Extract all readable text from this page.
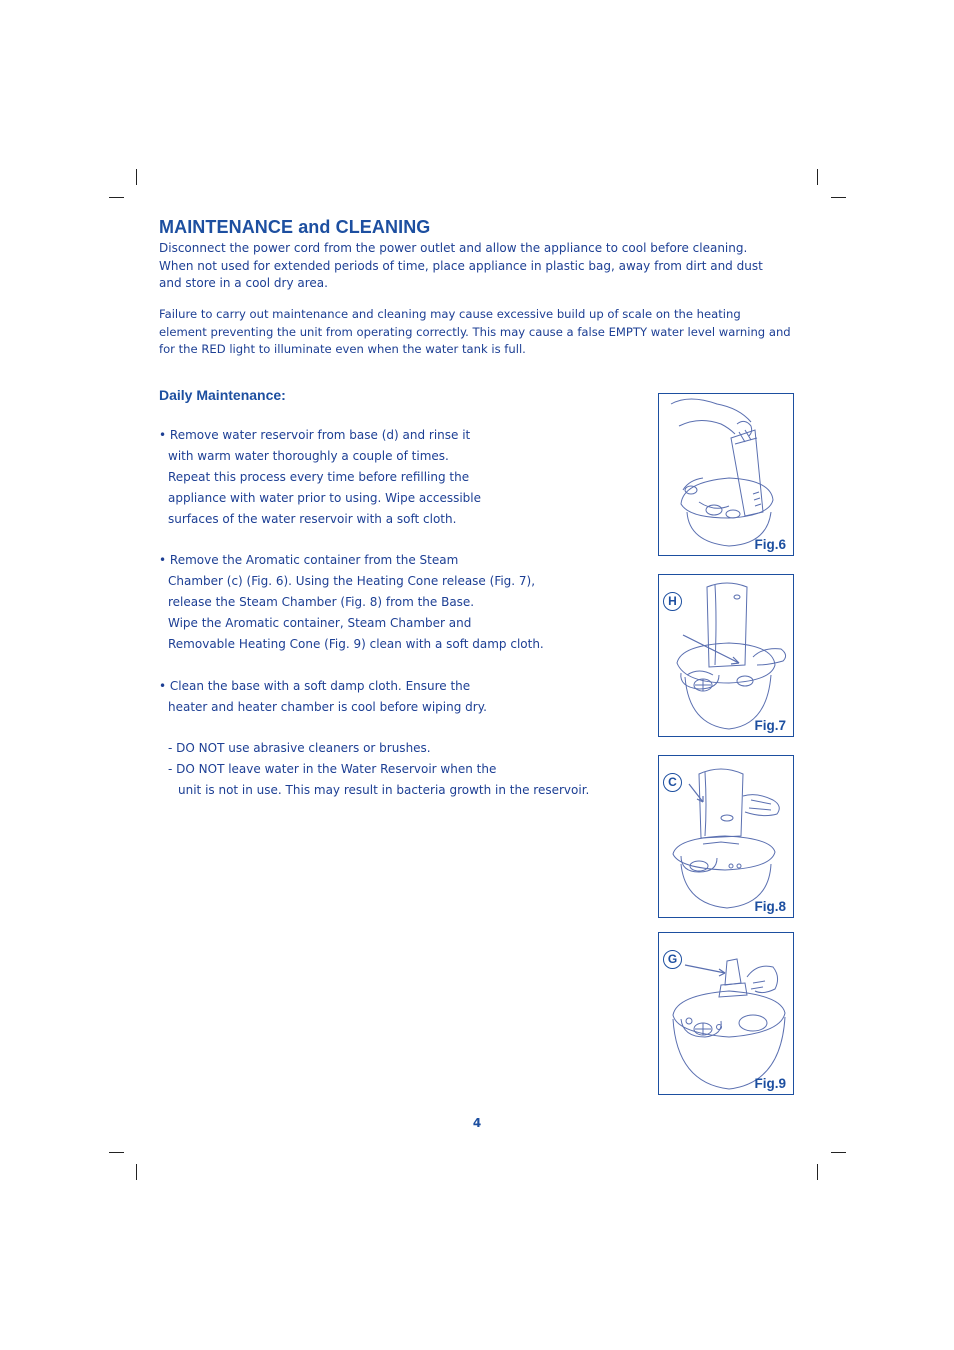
MAINTENANCE and CLEANING

Disconnect the power cord from the power outlet and allow the appliance to cool before cleaning.
When not used for extended periods of time, place appliance in plastic bag, away from dirt and dust
and store in a cool dry area.

Failure to carry out maintenance and cleaning may cause excessive build up of scale on the heating
element preventing the unit from operating correctly. This may cause a false EMPTY water level warning and
for the RED light to illuminate even when the water tank is full.

Daily Maintenance:
• Remove water reservoir from base (d) and rinse it
with warm water thoroughly a couple of times.
Repeat this process every time before refilling the
appliance with water prior to using. Wipe accessible
surfaces of the water reservoir with a soft cloth.
• Remove the Aromatic container from the Steam
Chamber (c) (Fig. 6). Using the Heating Cone release (Fig. 7),
release the Steam Chamber (Fig. 8) from the Base.
Wipe the Aromatic container, Steam Chamber and
Removable Heating Cone (Fig. 9) clean with a soft damp cloth.
• Clean the base with a soft damp cloth. Ensure the
heater and heater chamber is cool before wiping dry.
- DO NOT use abrasive cleaners or brushes.
- DO NOT leave water in the Water Reservoir when the
unit is not in use. This may result in bacteria growth in the reservoir.
Fig.6
H
Fig.7
C
Fig.8
G
Fig.9
4
